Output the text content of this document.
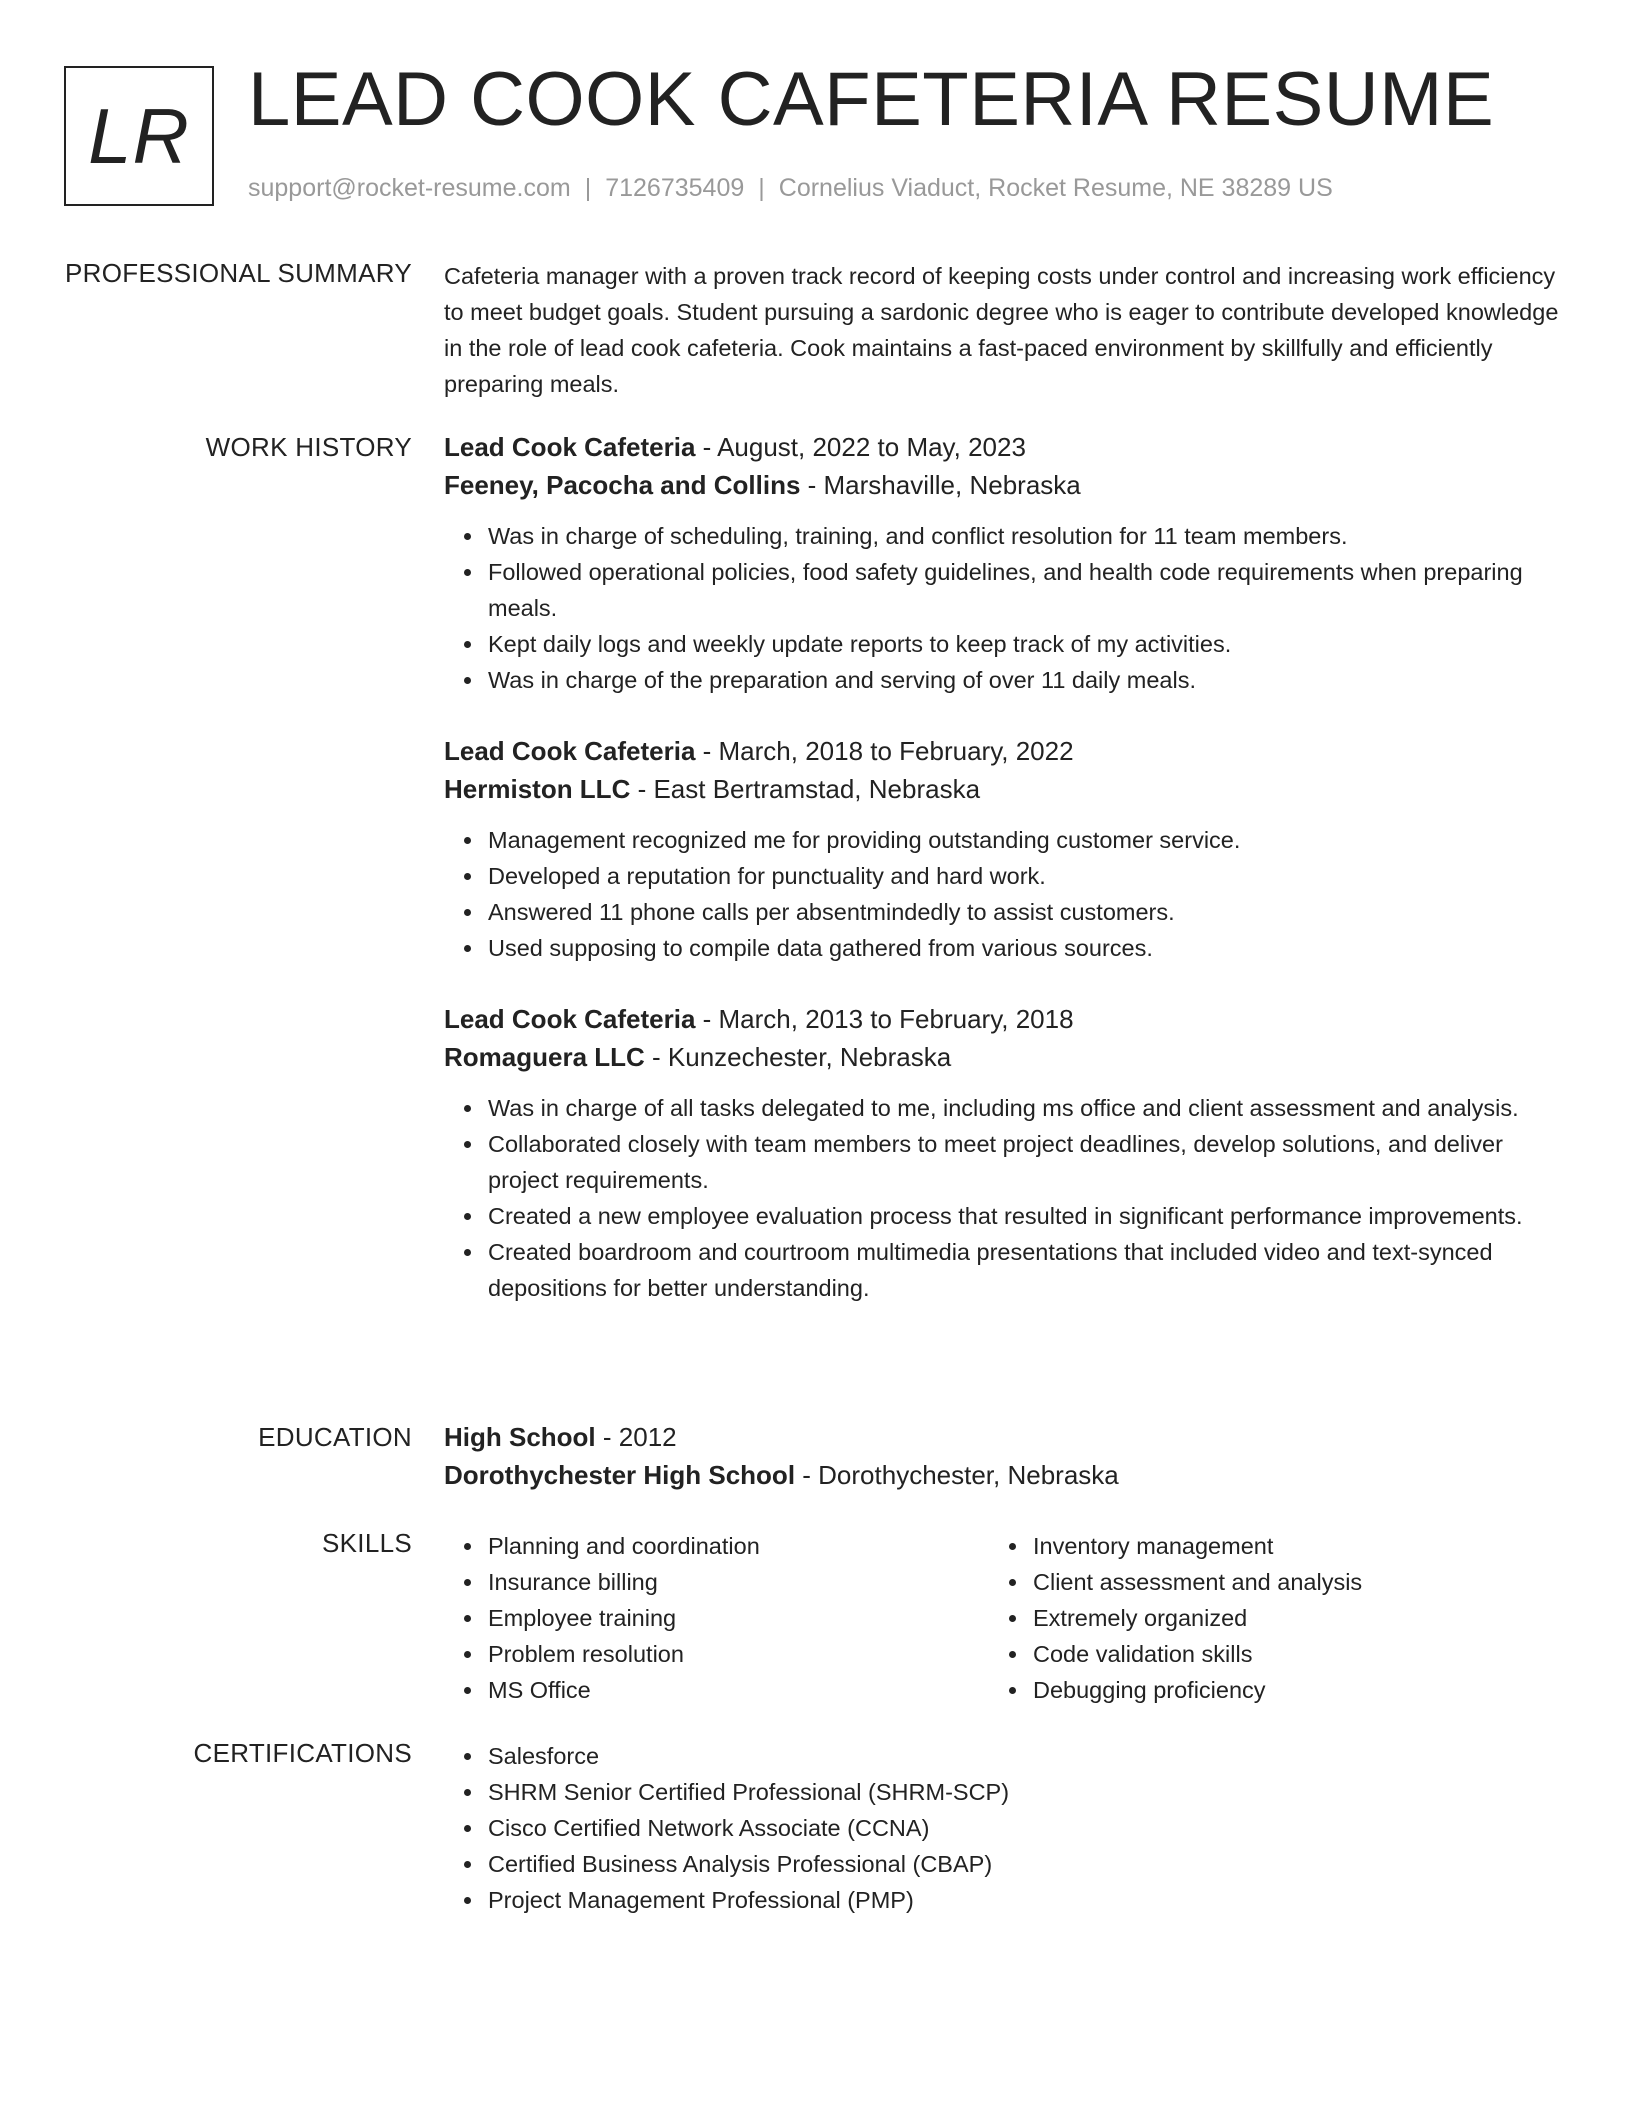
LR LEAD COOK CAFETERIA RESUME
support@rocket-resume.com | 7126735409 | Cornelius Viaduct, Rocket Resume, NE 38289 US
PROFESSIONAL SUMMARY Cafeteria manager with a proven track record of keeping costs under control and increasing work efficiency to meet budget goals. Student pursuing a sardonic degree who is eager to contribute developed knowledge in the role of lead cook cafeteria. Cook maintains a fast-paced environment by skillfully and efficiently preparing meals.

WORK HISTORY Lead Cook Cafeteria - August, 2022 to May, 2023
Feeney, Pacocha and Collins - Marshaville, Nebraska
Was in charge of scheduling, training, and conflict resolution for 11 team members.
Followed operational policies, food safety guidelines, and health code requirements when preparing meals.
Kept daily logs and weekly update reports to keep track of my activities.
Was in charge of the preparation and serving of over 11 daily meals.
Lead Cook Cafeteria - March, 2018 to February, 2022
Hermiston LLC - East Bertramstad, Nebraska
Management recognized me for providing outstanding customer service.
Developed a reputation for punctuality and hard work.
Answered 11 phone calls per absentmindedly to assist customers.
Used supposing to compile data gathered from various sources.
Lead Cook Cafeteria - March, 2013 to February, 2018
Romaguera LLC - Kunzechester, Nebraska
Was in charge of all tasks delegated to me, including ms office and client assessment and analysis.
Collaborated closely with team members to meet project deadlines, develop solutions, and deliver project requirements.
Created a new employee evaluation process that resulted in significant performance improvements.
Created boardroom and courtroom multimedia presentations that included video and text-synced depositions for better understanding.
EDUCATION High School - 2012
Dorothychester High School - Dorothychester, Nebraska
SKILLS	Planning and coordination
Insurance billing
Employee training
Problem resolution
MS Office
Inventory management
Client assessment and analysis
Extremely organized
Code validation skills
Debugging proficiency
CERTIFICATIONS	Salesforce
SHRM Senior Certified Professional (SHRM-SCP)
Cisco Certified Network Associate (CCNA)
Certified Business Analysis Professional (CBAP)
Project Management Professional (PMP)
